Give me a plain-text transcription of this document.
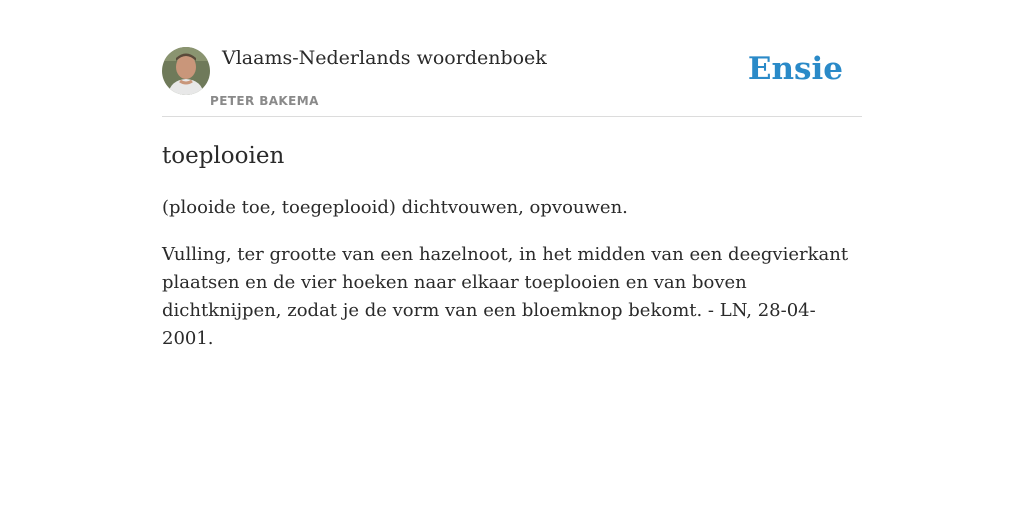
Vlaams-Nederlands woordenboek
PETER BAKEMA
Ensie
toeplooien

(plooide toe, toegeplooid) dichtvouwen, opvouwen.

Vulling, ter grootte van een hazelnoot, in het midden van een deegvierkant plaatsen en de vier hoeken naar elkaar toeplooien en van boven dichtknijpen, zodat je de vorm van een bloemknop bekomt. - LN, 28-04-2001.
